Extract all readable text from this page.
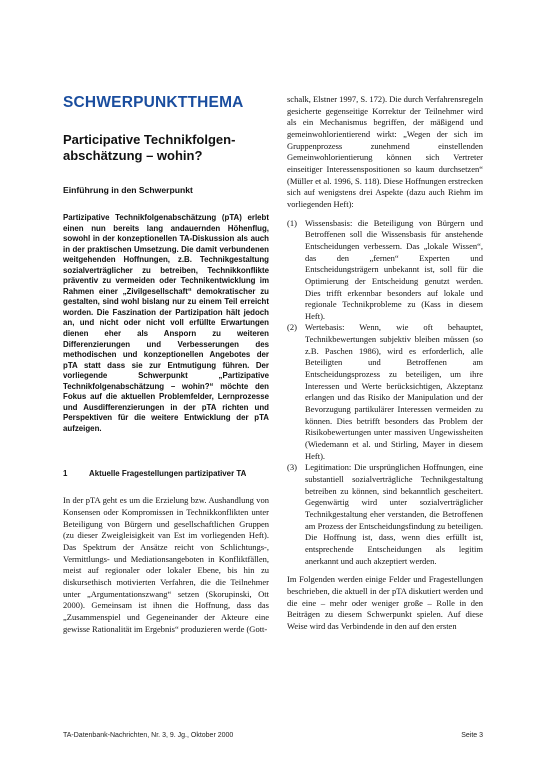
SCHWERPUNKTTHEMA
Participative Technikfolgen-abschätzung – wohin?
Einführung in den Schwerpunkt

Partizipative Technikfolgenabschätzung (pTA) erlebt einen nun bereits lang andauernden Höhenflug, sowohl in der konzeptionellen TA-Diskussion als auch in der praktischen Umsetzung. Die damit verbundenen weitgehenden Hoffnungen, z.B. Technikgestaltung sozialverträglicher zu betreiben, Technikkonflikte präventiv zu vermeiden oder Technikentwicklung im Rahmen einer „Zivilgesellschaft“ demokratischer zu gestalten, sind wohl bislang nur zu einem Teil erreicht worden. Die Faszination der Partizipation hält jedoch an, und nicht oder nicht voll erfüllte Erwartungen dienen eher als Ansporn zu weiteren Differenzierungen und Verbesserungen des methodischen und konzeptionellen Angebotes der pTA statt dass sie zur Entmutigung führen. Der vorliegende Schwerpunkt „Partizipative Technikfolgenabschätzung – wohin?“ möchte den Fokus auf die aktuellen Problemfelder, Lernprozesse und Ausdifferenzierungen in der pTA richten und Perspektiven für die weitere Entwicklung der pTA aufzeigen.

1	Aktuelle Fragestellungen partizipativer TA

In der pTA geht es um die Erzielung bzw. Aushandlung von Konsensen oder Kompromissen in Technikkonflikten unter Beteiligung von Bürgern und gesellschaftlichen Gruppen (zu dieser Zweigleisigkeit van Est im vorliegenden Heft). Das Spektrum der Ansätze reicht von Schlichtungs-, Vermittlungs- und Mediationsangeboten in Konfliktfällen, meist auf regionaler oder lokaler Ebene, bis hin zu diskursethisch motivierten Verfahren, die die Teilnehmer unter „Argumentationszwang“ setzen (Skorupinski, Ott 2000). Gemeinsam ist ihnen die Hoffnung, dass das „Zusammenspiel und Gegeneinander der Akteure eine gewisse Rationalität im Ergebnis“ produzieren werde (Gott-

schalk, Elstner 1997, S. 172). Die durch Verfahrensregeln gesicherte gegenseitige Korrektur der Teilnehmer wird als ein Mechanismus begriffen, der mäßigend und gemeinwohlorientierend wirkt: „Wegen der sich im Gruppenprozess zunehmend einstellenden Gemeinwohlorientierung können sich Vertreter einseitiger Interessenspositionen so kaum durchsetzen“ (Müller et al. 1996, S. 118). Diese Hoffnungen erstrecken sich auf wenigstens drei Aspekte (dazu auch Riehm im vorliegenden Heft):

(1) Wissensbasis: die Beteiligung von Bürgern und Betroffenen soll die Wissensbasis für anstehende Entscheidungen verbessern. Das „lokale Wissen“, das den „fernen“ Experten und Entscheidungsträgern unbekannt ist, soll für die Optimierung der Entscheidung genutzt werden. Dies trifft erkennbar besonders auf lokale und regionale Technikprobleme zu (Kass in diesem Heft).
(2) Wertebasis: Wenn, wie oft behauptet, Technikbewertungen subjektiv bleiben müssen (so z.B. Paschen 1986), wird es erforderlich, alle Beteiligten und Betroffenen am Entscheidungsprozess zu beteiligen, um ihre Interessen und Werte berücksichtigen, Akzeptanz erlangen und das Risiko der Manipulation und der Bevorzugung partikulärer Interessen vermeiden zu können. Dies betrifft besonders das Problem der Risikobewertungen unter massiven Ungewissheiten (Wiedemann et al. und Stirling, Mayer in diesem Heft).
(3) Legitimation: Die ursprünglichen Hoffnungen, eine substantiell sozialverträgliche Technikgestaltung betreiben zu können, sind bekanntlich gescheitert. Gegenwärtig wird unter sozialverträglicher Technikgestaltung eher verstanden, die Betroffenen am Prozess der Entscheidungsfindung zu beteiligen. Die Hoffnung ist, dass, wenn dies erfüllt ist, entsprechende Entscheidungen als legitim anerkannt und auch akzeptiert werden.

Im Folgenden werden einige Felder und Fragestellungen beschrieben, die aktuell in der pTA diskutiert werden und die eine – mehr oder weniger große – Rolle in den Beiträgen zu diesem Schwerpunkt spielen. Auf diese Weise wird das Verbindende in den auf den ersten

TA-Datenbank-Nachrichten, Nr. 3, 9. Jg., Oktober 2000	Seite 3
